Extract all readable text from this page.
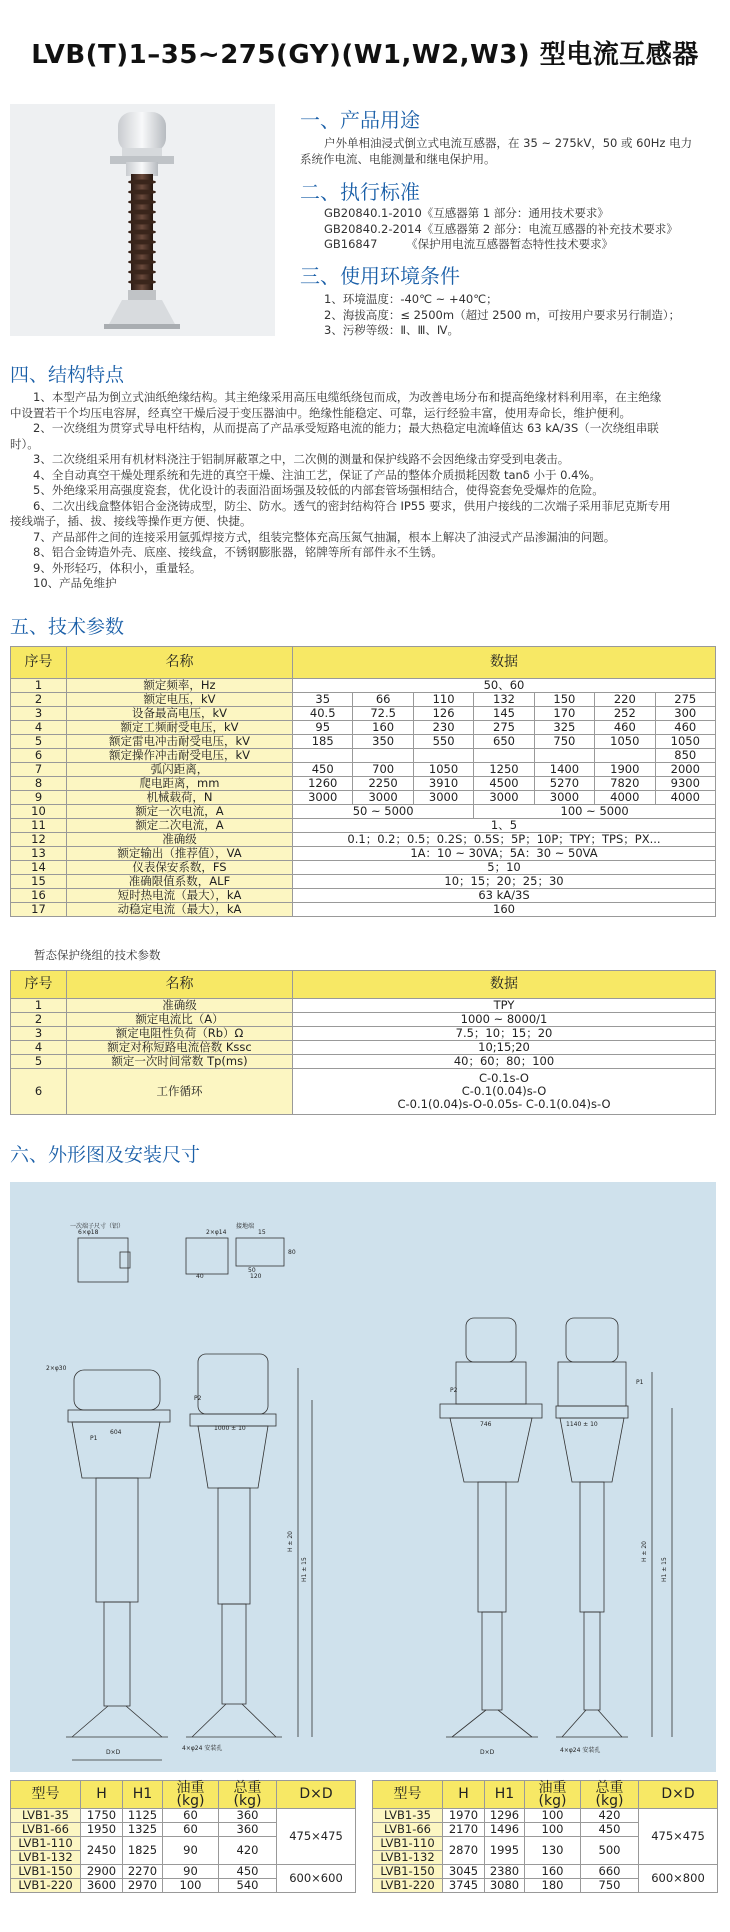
LVB(T)1–35~275(GY)(W1,W2,W3) 型电流互感器
一、产品用途
户外单相油浸式倒立式电流互感器，在 35 ~ 275kV，50 或 60Hz 电力
系统作电流、电能测量和继电保护用。
二、执行标准
GB20840.1-2010《互感器第 1 部分：通用技术要求》
GB20840.2-2014《互感器第 2 部分：电流互感器的补充技术要求》
GB16847　　　《保护用电流互感器暂态特性技术要求》
三、使用环境条件
1、环境温度：-40℃ ~ +40℃；
2、海拔高度：≤ 2500m（超过 2500 m，可按用户要求另行制造）；
3、污秽等级：Ⅱ、Ⅲ、Ⅳ。
四、结构特点

　　1、本型产品为倒立式油纸绝缘结构。其主绝缘采用高压电缆纸绕包而成，为改善电场分布和提高绝缘材料利用率，在主绝缘

中设置若干个均压电容屏，经真空干燥后浸于变压器油中。绝缘性能稳定、可靠，运行经验丰富，使用寿命长，维护便利。

　　2、一次绕组为贯穿式导电杆结构，从而提高了产品承受短路电流的能力；最大热稳定电流峰值达 63 kA/3S（一次绕组串联

时）。

　　3、二次绕组采用有机材料浇注于铝制屏蔽罩之中，二次侧的测量和保护线路不会因绝缘击穿受到电袭击。

　　4、全自动真空干燥处理系统和先进的真空干燥、注油工艺，保证了产品的整体介质损耗因数 tanδ 小于 0.4%。

　　5、外绝缘采用高强度瓷套，优化设计的表面沿面场强及较低的内部套管场强相结合，使得瓷套免受爆炸的危险。

　　6、二次出线盒整体铝合金浇铸成型，防尘、防水。透气的密封结构符合 IP55 要求，供用户接线的二次端子采用菲尼克斯专用

接线端子，插、拔、接线等操作更方便、快捷。

　　7、产品部件之间的连接采用氩弧焊接方式，组装完整体充高压氮气抽漏，根本上解决了油浸式产品渗漏油的问题。

　　8、铝合金铸造外壳、底座、接线盒，不锈钢膨胀器，铭牌等所有部件永不生锈。

　　9、外形轻巧，体积小，重量轻。

　　10、产品免维护

五、技术参数
序号	名称	数据						
1	额定频率，Hz	50、60						
2	额定电压，kV	35	66	110	132	150	220	275
3	设备最高电压，kV	40.5	72.5	126	145	170	252	300
4	额定工频耐受电压，kV	95	160	230	275	325	460	460
5	额定雷电冲击耐受电压，kV	185	350	550	650	750	1050	1050
6	额定操作冲击耐受电压，kV							850
7	弧闪距离，	450	700	1050	1250	1400	1900	2000
8	爬电距离，mm	1260	2250	3910	4500	5270	7820	9300
9	机械载荷，N	3000	3000	3000	3000	3000	4000	4000
10	额定一次电流，A	50 ~ 5000			100 ~ 5000			
11	额定二次电流，A	1、5						
12	准确级	0.1；0.2；0.5；0.2S；0.5S；5P；10P；TPY；TPS；PX...						
13	额定输出（推荐值），VA	1A：10 ~ 30VA；5A：30 ~ 50VA						
14	仪表保安系数，FS	5；10						
15	准确限值系数，ALF	10；15；20；25；30						
16	短时热电流（最大），kA	63 kA/3S						
17	动稳定电流（最大），kA	160						
暂态保护绕组的技术参数
序号	名称	数据
1	准确级	TPY
2	额定电流比（A）	1000 ~ 8000/1
3	额定电阻性负荷（Rb）Ω	7.5；10；15；20
4	额定对称短路电流倍数 Kssc	10;15;20
5	额定一次时间常数 Tp(ms)	40；60；80；100
6	工作循环	C-0.1s-O
C-0.1(0.04)s-O
C-0.1(0.04)s-O-0.05s- C-0.1(0.04)s-O
六、外形图及安装尺寸
一次端子尺寸（铝）	接地端
6×φ18	2×φ14
2×φ30
P2
P1
4×φ24 安装孔
D×D
H ± 20
H1 ± 15
746	1140 ± 10
120
15
80
50
40
604
1000 ± 10
4×φ24 安装孔
D×D
H ± 20
H1 ± 15
P2
P1
型号	H	H1	油重 (kg)	总重 (kg)	D×D
LVB1-35	1750	1125	60	360	475×475
LVB1-66	1950	1325	60	360	
LVB1-110	2450	1825	90	420	
LVB1-132					
LVB1-150	2900	2270	90	450	600×600
LVB1-220	3600	2970	100	540	
型号	H	H1	油重 (kg)	总重 (kg)	D×D
LVB1-35	1970	1296	100	420	475×475
LVB1-66	2170	1496	100	450	
LVB1-110	2870	1995	130	500	
LVB1-132					
LVB1-150	3045	2380	160	660	600×800
LVB1-220	3745	3080	180	750	
